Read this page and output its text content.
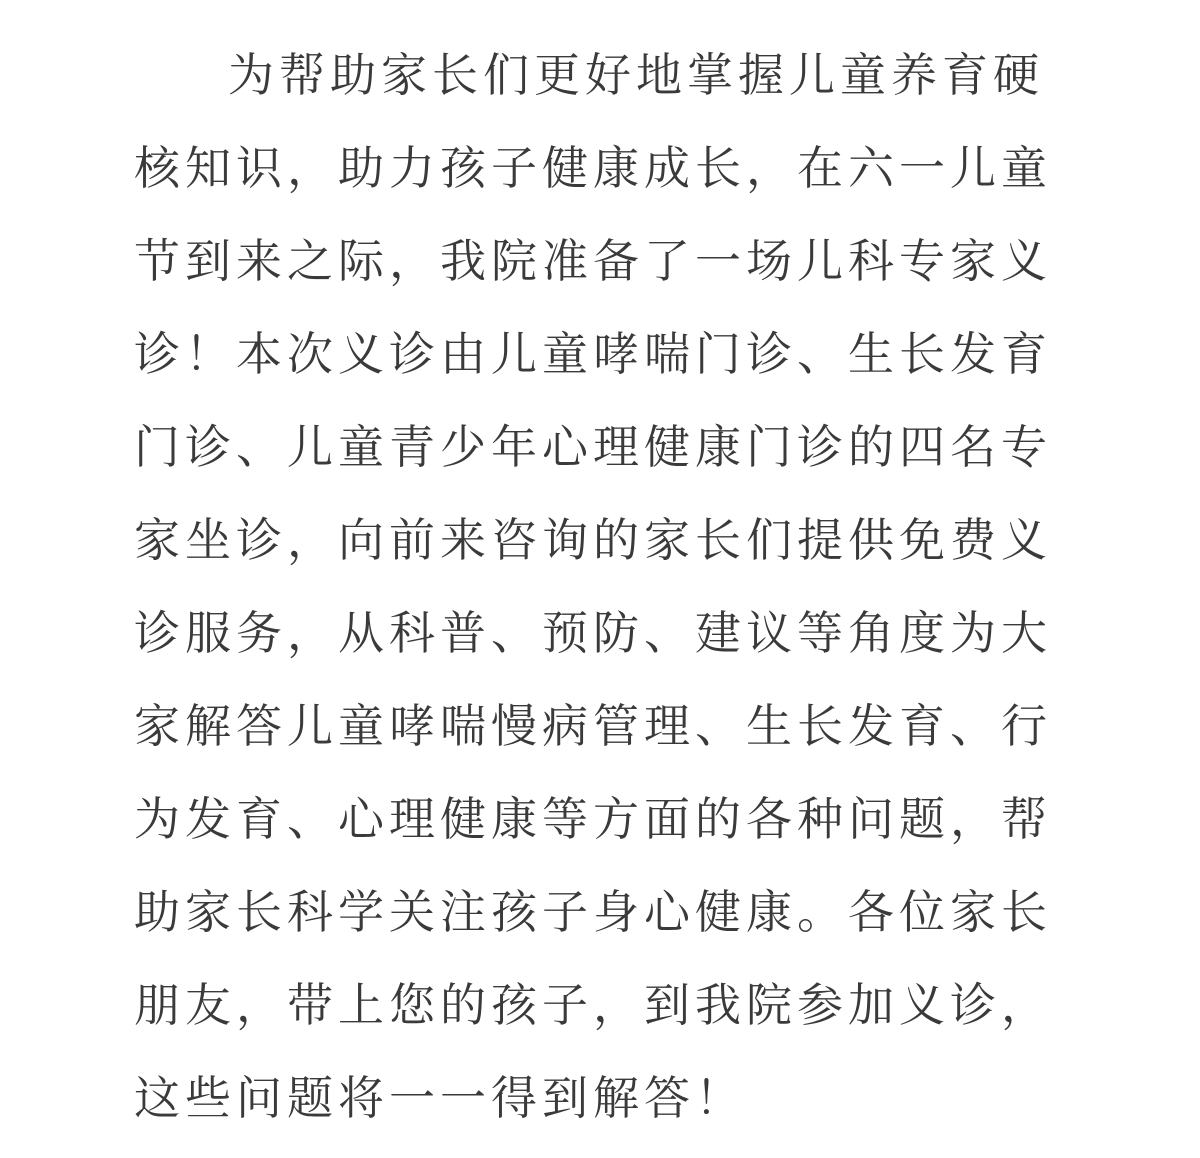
为帮助家长们更好地掌握儿童养育硬
核知识，助力孩子健康成长，在六一儿童
节到来之际，我院准备了一场儿科专家义
诊！本次义诊由儿童哮喘门诊、生长发育
门诊、儿童青少年心理健康门诊的四名专
家坐诊，向前来咨询的家长们提供免费义
诊服务，从科普、预防、建议等角度为大
家解答儿童哮喘慢病管理、生长发育、行
为发育、心理健康等方面的各种问题，帮
助家长科学关注孩子身心健康。各位家长
朋友，带上您的孩子，到我院参加义诊，
这些问题将一一得到解答！
